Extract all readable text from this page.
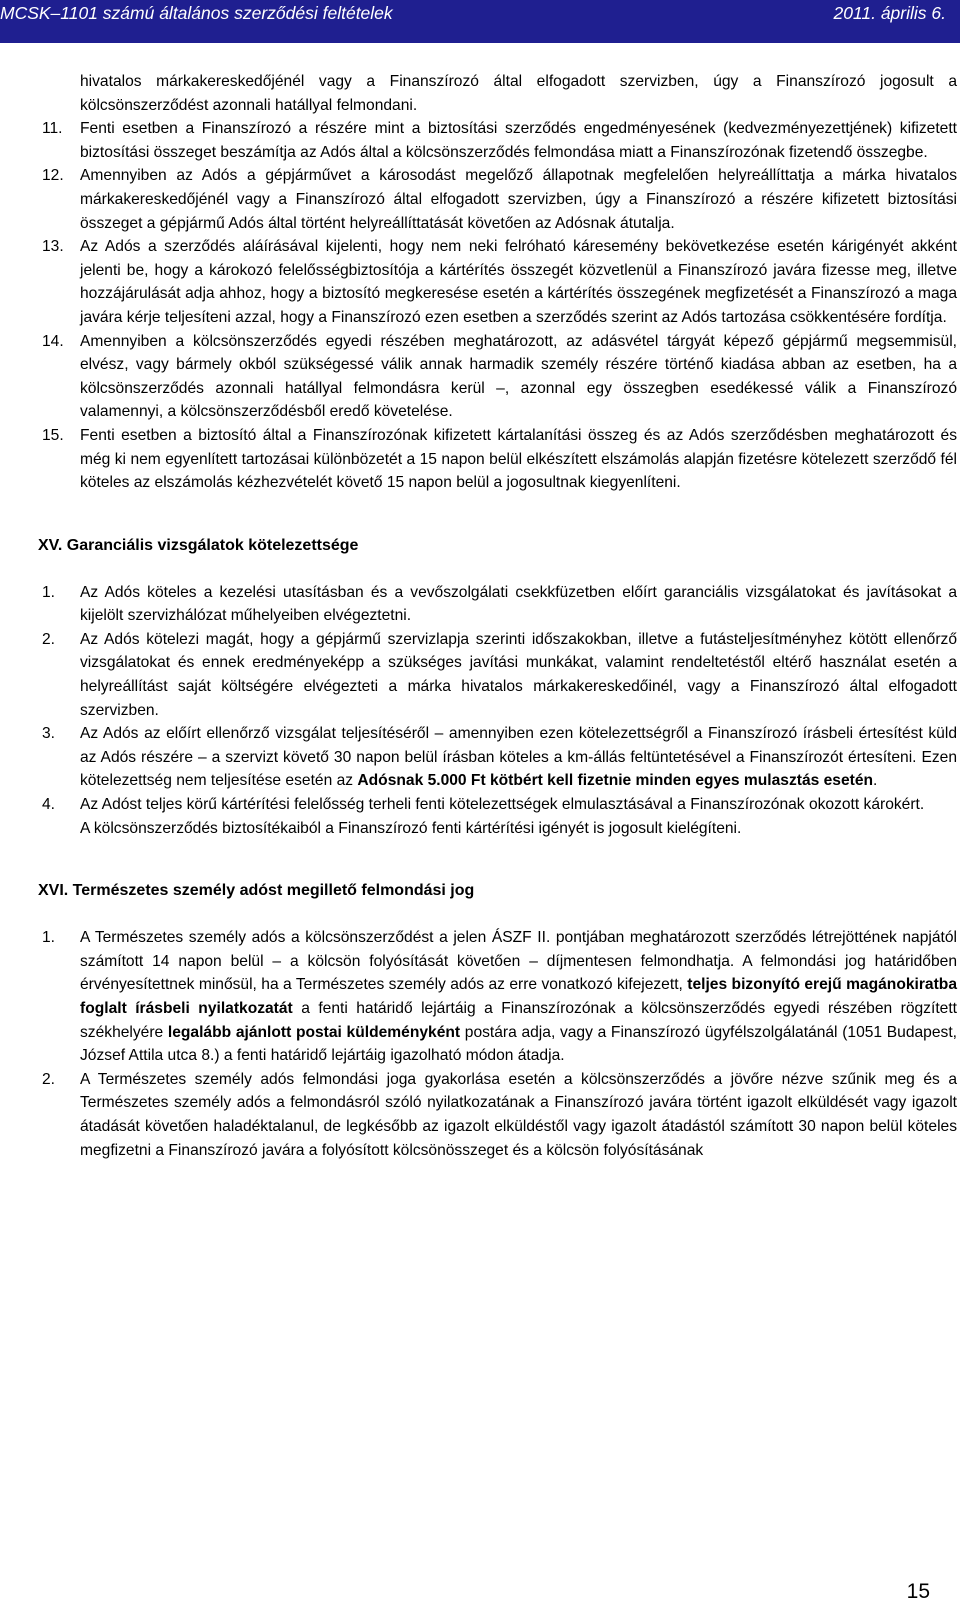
MCSK–1101 számú általános szerződési feltételek	2011. április 6.

hivatalos márkakereskedőjénél vagy a Finanszírozó által elfogadott szervizben, úgy a Finanszírozó jogosult a kölcsönszerződést azonnali hatállyal felmondani.

11. Fenti esetben a Finanszírozó a részére mint a biztosítási szerződés engedményesének (kedvezményezettjének) kifizetett biztosítási összeget beszámítja az Adós által a kölcsönszerződés felmondása miatt a Finanszírozónak fizetendő összegbe.

12. Amennyiben az Adós a gépjárművet a károsodást megelőző állapotnak megfelelően helyreállíttatja a márka hivatalos márkakereskedőjénél vagy a Finanszírozó által elfogadott szervizben, úgy a Finanszírozó a részére kifizetett biztosítási összeget a gépjármű Adós által történt helyreállíttatását követően az Adósnak átutalja.

13. Az Adós a szerződés aláírásával kijelenti, hogy nem neki felróható káresemény bekövetkezése esetén kárigényét akként jelenti be, hogy a károkozó felelősségbiztosítója a kártérítés összegét közvetlenül a Finanszírozó javára fizesse meg, illetve hozzájárulását adja ahhoz, hogy a biztosító megkeresése esetén a kártérítés összegének megfizetését a Finanszírozó a maga javára kérje teljesíteni azzal, hogy a Finanszírozó ezen esetben a szerződés szerint az Adós tartozása csökkentésére fordítja.

14. Amennyiben a kölcsönszerződés egyedi részében meghatározott, az adásvétel tárgyát képező gépjármű megsemmisül, elvész, vagy bármely okból szükségessé válik annak harmadik személy részére történő kiadása abban az esetben, ha a kölcsönszerződés azonnali hatállyal felmondásra kerül –, azonnal egy összegben esedékessé válik a Finanszírozó valamennyi, a kölcsönszerződésből eredő követelése.

15. Fenti esetben a biztosító által a Finanszírozónak kifizetett kártalanítási összeg és az Adós szerződésben meghatározott és még ki nem egyenlített tartozásai különbözetét a 15 napon belül elkészített elszámolás alapján fizetésre kötelezett szerződő fél köteles az elszámolás kézhezvételét követő 15 napon belül a jogosultnak kiegyenlíteni.

XV. Garanciális vizsgálatok kötelezettsége
1. Az Adós köteles a kezelési utasításban és a vevőszolgálati csekkfüzetben előírt garanciális vizsgálatokat és javításokat a kijelölt szervizhálózat műhelyeiben elvégeztetni.

2. Az Adós kötelezi magát, hogy a gépjármű szervizlapja szerinti időszakokban, illetve a futásteljesítményhez kötött ellenőrző vizsgálatokat és ennek eredményeképp a szükséges javítási munkákat, valamint rendeltetéstől eltérő használat esetén a helyreállítást saját költségére elvégezteti a márka hivatalos márkakereskedőinél, vagy a Finanszírozó által elfogadott szervizben.

3. Az Adós az előírt ellenőrző vizsgálat teljesítéséről – amennyiben ezen kötelezettségről a Finanszírozó írásbeli értesítést küld az Adós részére – a szervizt követő 30 napon belül írásban köteles a km-állás feltüntetésével a Finanszírozót értesíteni. Ezen kötelezettség nem teljesítése esetén az Adósnak 5.000 Ft kötbért kell fizetnie minden egyes mulasztás esetén.

4. Az Adóst teljes körű kártérítési felelősség terheli fenti kötelezettségek elmulasztásával a Finanszírozónak okozott károkért.

A kölcsönszerződés biztosítékaiból a Finanszírozó fenti kártérítési igényét is jogosult kielégíteni.

XVI. Természetes személy adóst megillető felmondási jog
1. A Természetes személy adós a kölcsönszerződést a jelen ÁSZF II. pontjában meghatározott szerződés létrejöttének napjától számított 14 napon belül – a kölcsön folyósítását követően – díjmentesen felmondhatja. A felmondási jog határidőben érvényesítettnek minősül, ha a Természetes személy adós az erre vonatkozó kifejezett, teljes bizonyító erejű magánokiratba foglalt írásbeli nyilatkozatát a fenti határidő lejártáig a Finanszírozónak a kölcsönszerződés egyedi részében rögzített székhelyére legalább ajánlott postai küldeményként postára adja, vagy a Finanszírozó ügyfélszolgálatánál (1051 Budapest, József Attila utca 8.) a fenti határidő lejártáig igazolható módon átadja.

2. A Természetes személy adós felmondási joga gyakorlása esetén a kölcsönszerződés a jövőre nézve szűnik meg és a Természetes személy adós a felmondásról szóló nyilatkozatának a Finanszírozó javára történt igazolt elküldését vagy igazolt átadását követően haladéktalanul, de legkésőbb az igazolt elküldéstől vagy igazolt átadástól számított 30 napon belül köteles megfizetni a Finanszírozó javára a folyósított kölcsönösszeget és a kölcsön folyósításának

15
